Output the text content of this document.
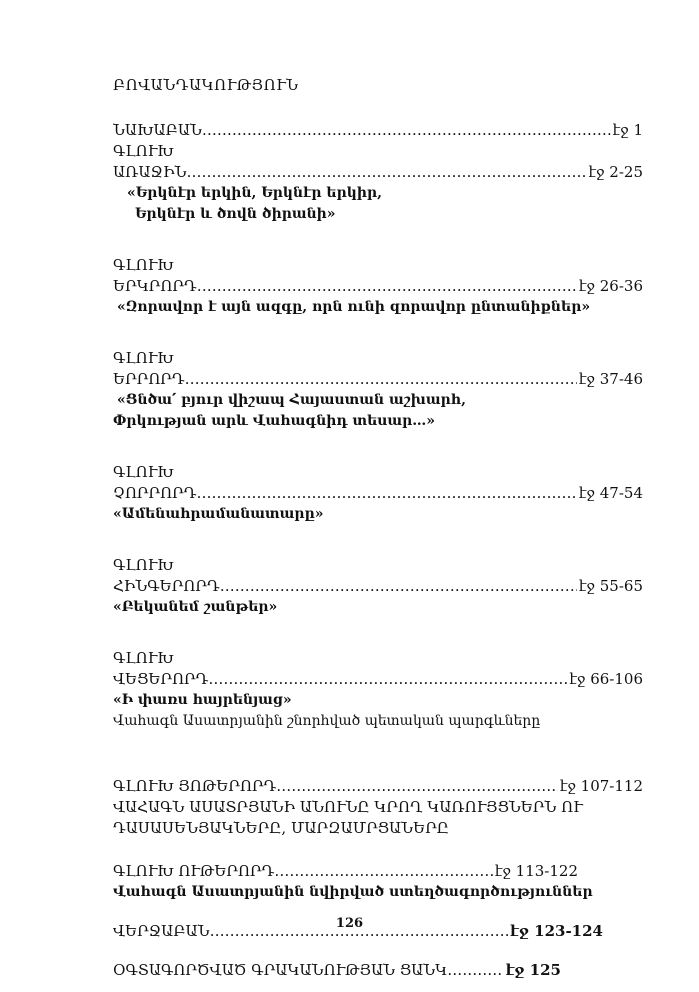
ԲՈՎԱՆԴԱԿՈՒԹՅՈՒՆ
ՆԱԽԱԲԱՆ ………………………………………………………………………………………………………………………………………………	էջ 1
ԳԼՈՒԽ
ԱՌԱՋԻՆ ………………………………………………………………………………………………………………………………………………	էջ 2-25
«Երկնէր երկին, Երկնէր երկիր,
Երկնէր և ծովն ծիրանի»
ԳԼՈՒԽ
ԵՐԿՐՈՐԴ ………………………………………………………………………………………………………………………………………………	էջ 26-36
«Զորավոր է այն ազգը, որն ունի զորավոր ընտանիքներ»
ԳԼՈՒԽ
ԵՐՐՈՐԴ ………………………………………………………………………………………………………………………………………………	էջ 37-46
«Ցնծա՛ բյուր վիշապ Հայաստան աշխարհ,
Փրկության արև Վահագնիդ տեսար…»
ԳԼՈՒԽ
ՉՈՐՐՈՐԴ ………………………………………………………………………………………………………………………………………………	էջ 47-54
«Ամենահրամանատարը»
ԳԼՈՒԽ
ՀԻՆԳԵՐՈՐԴ ………………………………………………………………………………………………………………………………………………	էջ 55-65
«Բեկանեմ շանթեր»
ԳԼՈՒԽ
ՎԵՑԵՐՈՐԴ ………………………………………………………………………………………………………………………………………………	էջ 66-106
«Ի փառս հայրենյաց»
Վահագն Ասատրյանին շնորհված պետական պարգևները
ԳԼՈՒԽ ՅՈԹԵՐՈՐԴ ………………………………………………………………………………………………………………………………………………	էջ 107-112
ՎԱՀԱԳՆ ԱՍԱՏՐՅԱՆԻ ԱՆՈՒՆԸ ԿՐՈՂ ԿԱՌՈՒՅՑՆԵՐՆ ՈՒ
ԴԱՍԱՍԵՆՅԱԿՆԵՐԸ, ՄԱՐԶԱՄՐՑԱՆԵՐԸ
ԳԼՈՒԽ ՈՒԹԵՐՈՐԴ ………………………………………………………………………………………………………………………………………………	էջ 113-122
Վահագն Ասատրյանին նվիրված ստեղծագործություններ
ՎԵՐՋԱԲԱՆ ………………………………………………………………………………………………………………………………………………	էջ 123-124
ՕԳՏԱԳՈՐԾՎԱԾ ԳՐԱԿԱՆՈՒԹՅԱՆ ՑԱՆԿ ………………………………………………………………………………………………………………………………………………	էջ 125
126
